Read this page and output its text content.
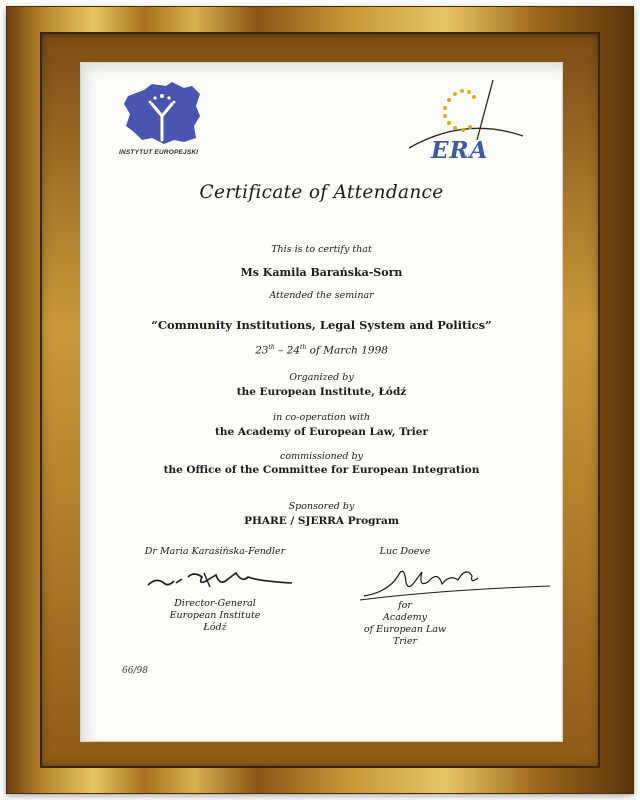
INSTYTUT EUROPEJSKI	ERA
Certificate of Attendance
This is to certify that
Ms Kamila Barańska-Sorn
Attended the seminar
“Community Institutions, Legal System and Politics”
23th – 24th of March 1998
Organized by
the European Institute, Łódź
in co-operation with
the Academy of European Law, Trier
commissioned by
the Office of the Committee for European Integration
Sponsored by
PHARE / SJERRA Program
Dr Maria Karasińska-Fendler
Director-General
European Institute
Łódź
Luc Doeve
for
Academy
of European Law
Trier
66/98
